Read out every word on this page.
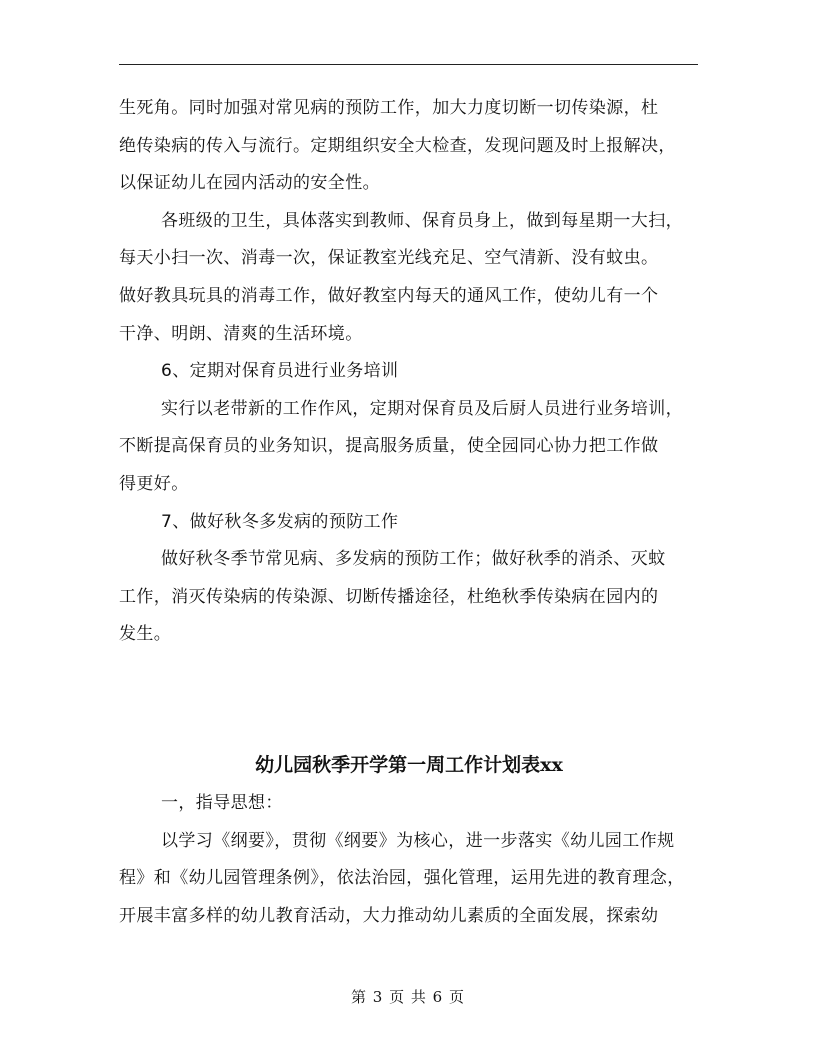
生死角。同时加强对常见病的预防工作，加大力度切断一切传染源，杜

绝传染病的传入与流行。定期组织安全大检查，发现问题及时上报解决，

以保证幼儿在园内活动的安全性。

各班级的卫生，具体落实到教师、保育员身上，做到每星期一大扫，

每天小扫一次、消毒一次，保证教室光线充足、空气清新、没有蚊虫。

做好教具玩具的消毒工作，做好教室内每天的通风工作，使幼儿有一个

干净、明朗、清爽的生活环境。

6、定期对保育员进行业务培训

实行以老带新的工作作风，定期对保育员及后厨人员进行业务培训，

不断提高保育员的业务知识，提高服务质量，使全园同心协力把工作做

得更好。

7、做好秋冬多发病的预防工作

做好秋冬季节常见病、多发病的预防工作；做好秋季的消杀、灭蚊

工作，消灭传染病的传染源、切断传播途径，杜绝秋季传染病在园内的

发生。

幼儿园秋季开学第一周工作计划表xx

一，指导思想：

以学习《纲要》，贯彻《纲要》为核心，进一步落实《幼儿园工作规

程》和《幼儿园管理条例》，依法治园，强化管理，运用先进的教育理念，

开展丰富多样的幼儿教育活动，大力推动幼儿素质的全面发展，探索幼

第 3 页 共 6 页
